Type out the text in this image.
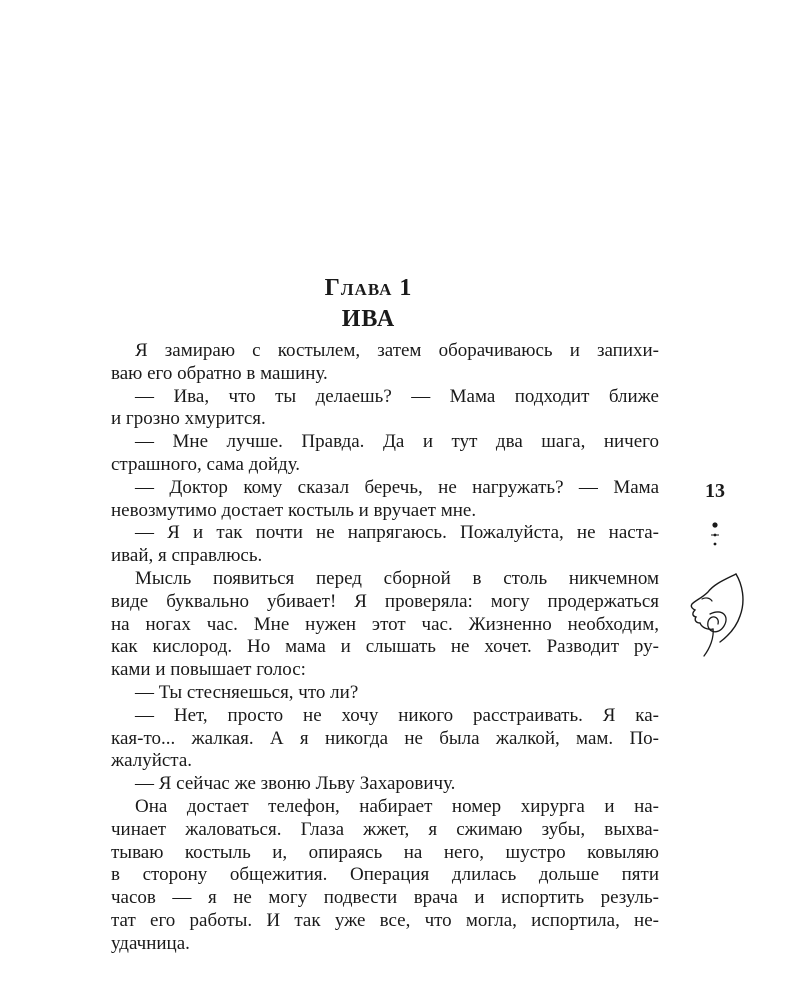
Глава 1
ИВА
Я замираю с костылем, затем оборачиваюсь и запихи-
ваю его обратно в машину.
— Ива, что ты делаешь? — Мама подходит ближе
и грозно хмурится.
— Мне лучше. Правда. Да и тут два шага, ничего
страшного, сама дойду.
— Доктор кому сказал беречь, не нагружать? — Мама
невозмутимо достает костыль и вручает мне.
— Я и так почти не напрягаюсь. Пожалуйста, не наста-
ивай, я справлюсь.
Мысль появиться перед сборной в столь никчемном
виде буквально убивает! Я проверяла: могу продержаться
на ногах час. Мне нужен этот час. Жизненно необходим,
как кислород. Но мама и слышать не хочет. Разводит ру-
ками и повышает голос:
— Ты стесняешься, что ли?
— Нет, просто не хочу никого расстраивать. Я ка-
кая-то... жалкая. А я никогда не была жалкой, мам. По-
жалуйста.
— Я сейчас же звоню Льву Захаровичу.
Она достает телефон, набирает номер хирурга и на-
чинает жаловаться. Глаза жжет, я сжимаю зубы, выхва-
тываю костыль и, опираясь на него, шустро ковыляю
в сторону общежития. Операция длилась дольше пяти
часов — я не могу подвести врача и испортить резуль-
тат его работы. И так уже все, что могла, испортила, не-
удачница.
13
